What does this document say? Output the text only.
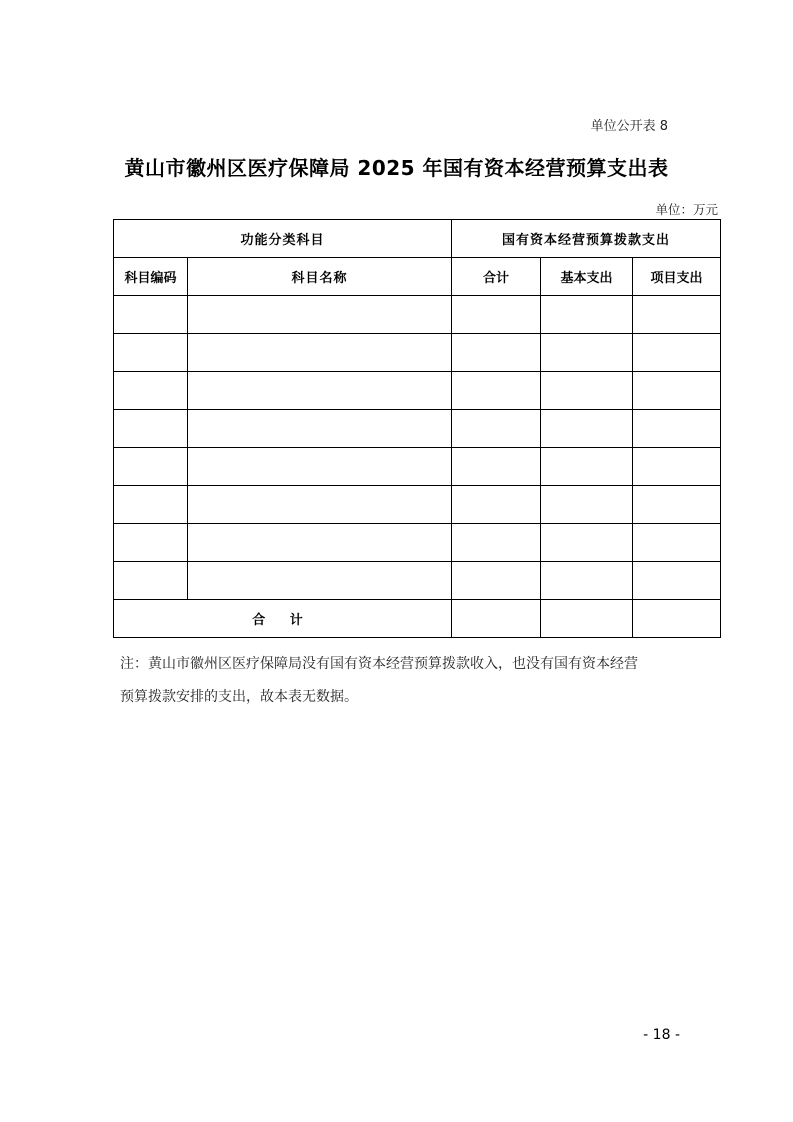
单位公开表 8
黄山市徽州区医疗保障局 2025 年国有资本经营预算支出表
单位：万元
功能分类科目		国有资本经营预算拨款支出		
科目编码	科目名称	合计	基本支出	项目支出

合 计				
注：黄山市徽州区医疗保障局没有国有资本经营预算拨款收入，也没有国有资本经营
预算拨款安排的支出，故本表无数据。
- 18 -
